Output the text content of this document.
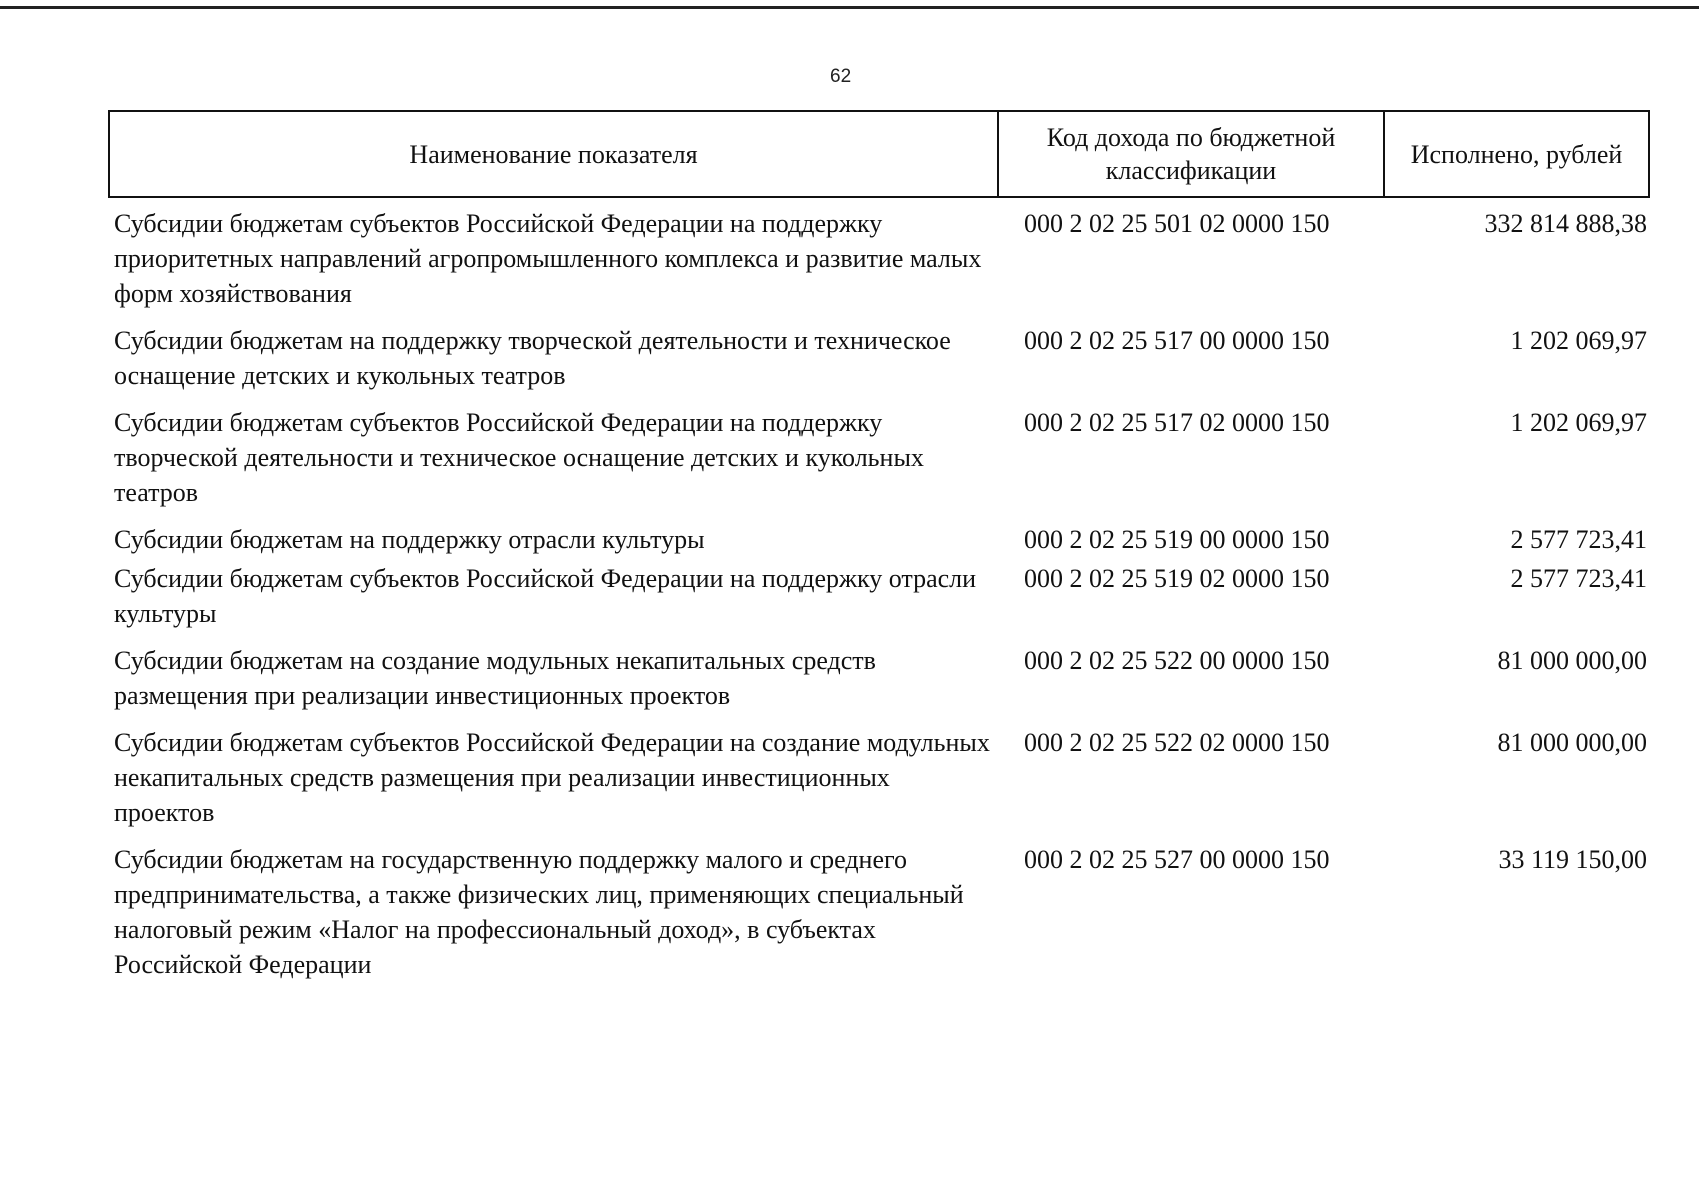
62
Наименование показателя	Код дохода по бюджетной классификации	Исполнено, рублей
Субсидии бюджетам субъектов Российской Федерации на поддержку приоритетных направлений агропромышленного комплекса и развитие малых форм хозяйствования	000 2 02 25 501 02 0000 150	332 814 888,38
Субсидии бюджетам на поддержку творческой деятельности и техническое оснащение детских и кукольных театров	000 2 02 25 517 00 0000 150	1 202 069,97
Субсидии бюджетам субъектов Российской Федерации на поддержку творческой деятельности и техническое оснащение детских и кукольных театров	000 2 02 25 517 02 0000 150	1 202 069,97
Субсидии бюджетам на поддержку отрасли культуры	000 2 02 25 519 00 0000 150	2 577 723,41
Субсидии бюджетам субъектов Российской Федерации на поддержку отрасли культуры	000 2 02 25 519 02 0000 150	2 577 723,41
Субсидии бюджетам на создание модульных некапитальных средств размещения при реализации инвестиционных проектов	000 2 02 25 522 00 0000 150	81 000 000,00
Субсидии бюджетам субъектов Российской Федерации на создание модульных некапитальных средств размещения при реализации инвестиционных проектов	000 2 02 25 522 02 0000 150	81 000 000,00
Субсидии бюджетам на государственную поддержку малого и среднего предпринимательства, а также физических лиц, применяющих специальный налоговый режим «Налог на профессиональный доход», в субъектах Российской Федерации	000 2 02 25 527 00 0000 150	33 119 150,00
